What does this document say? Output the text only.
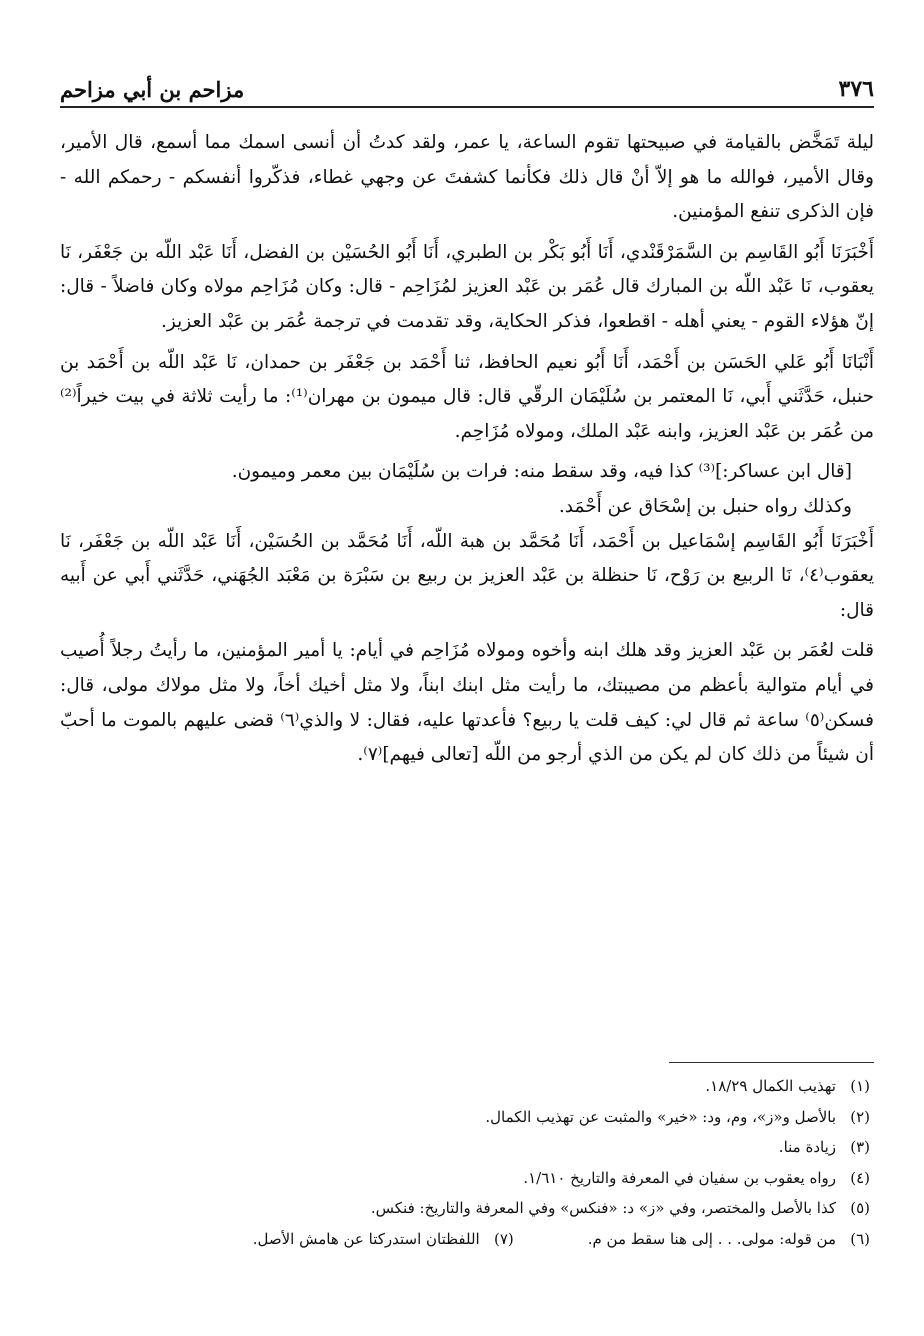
٣٧٦
مزاحم بن أبي مزاحم

ليلة تَمَخَّض بالقيامة في صبيحتها تقوم الساعة، يا عمر، ولقد كدتُ أن أنسى اسمك مما أسمع، قال الأمير، وقال الأمير، فوالله ما هو إلاّ أنْ قال ذلك فكأنما كشفتَ عن وجهي غطاء، فذكّروا أنفسكم - رحمكم الله - فإن الذكرى تنفع المؤمنين.

أَخْبَرَنَا أَبُو القَاسِم بن السَّمَرْقَنْدي، أَنَا أَبُو بَكْر بن الطبري، أَنَا أَبُو الحُسَيْن بن الفضل، أَنَا عَبْد اللّه بن جَعْفَر، نَا يعقوب، نَا عَبْد اللّه بن المبارك قال عُمَر بن عَبْد العزيز لمُزَاحِم - قال: وكان مُزَاحِم مولاه وكان فاضلاً - قال: إنّ هؤلاء القوم - يعني أهله - اقطعوا، فذكر الحكاية، وقد تقدمت في ترجمة عُمَر بن عَبْد العزيز.

أَنْبَانَا أَبُو عَلي الحَسَن بن أَحْمَد، أَنَا أَبُو نعيم الحافظ، ثنا أَحْمَد بن جَعْفَر بن حمدان، نَا عَبْد اللّه بن أَحْمَد بن حنبل، حَدَّثَني أَبي، نَا المعتمر بن سُلَيْمَان الرقّي قال: قال ميمون بن مهران⁽¹⁾: ما رأيت ثلاثة في بيت خيراً⁽²⁾ من عُمَر بن عَبْد العزيز، وابنه عَبْد الملك، ومولاه مُزَاحِم.

[قال ابن عساكر:]⁽³⁾ كذا فيه، وقد سقط منه: فرات بن سُلَيْمَان بين معمر وميمون.

وكذلك رواه حنبل بن إسْحَاق عن أَحْمَد.

أَخْبَرَنَا أَبُو القَاسِم إسْمَاعيل بن أَحْمَد، أَنَا مُحَمَّد بن هبة اللّه، أَنَا مُحَمَّد بن الحُسَيْن، أَنَا عَبْد اللّه بن جَعْفَر، نَا يعقوب⁽٤⁾، نَا الربيع بن رَوْح، نَا حنظلة بن عَبْد العزيز بن ربيع بن سَبْرَة بن مَعْبَد الجُهَني، حَدَّثَني أَبي عن أَبيه قال:

قلت لعُمَر بن عَبْد العزيز وقد هلك ابنه وأخوه ومولاه مُزَاحِم في أيام: يا أمير المؤمنين، ما رأيتُ رجلاً أُصيب في أيام متوالية بأعظم من مصيبتك، ما رأيت مثل ابنك ابناً، ولا مثل أخيك أخاً، ولا مثل مولاك مولى، قال: فسكن⁽٥⁾ ساعة ثم قال لي: كيف قلت يا ربيع؟ فأعدتها عليه، فقال: لا والذي⁽٦⁾ قضى عليهم بالموت ما أحبّ أن شيئاً من ذلك كان لم يكن من الذي أرجو من اللّه [تعالى فيهم]⁽٧⁾.

(١)تهذيب الكمال ١٨/٢٩.

(٢)بالأصل و«ز»، وم، ود: «خير» والمثبت عن تهذيب الكمال.

(٣)زيادة منا.

(٤)رواه يعقوب بن سفيان في المعرفة والتاريخ ١/٦١٠.

(٥)كذا بالأصل والمختصر، وفي «ز» د: «فنكس» وفي المعرفة والتاريخ: فنكس.

(٦)من قوله: مولى. . . إلى هنا سقط من م.

(٧)اللفظتان استدركتا عن هامش الأصل.
